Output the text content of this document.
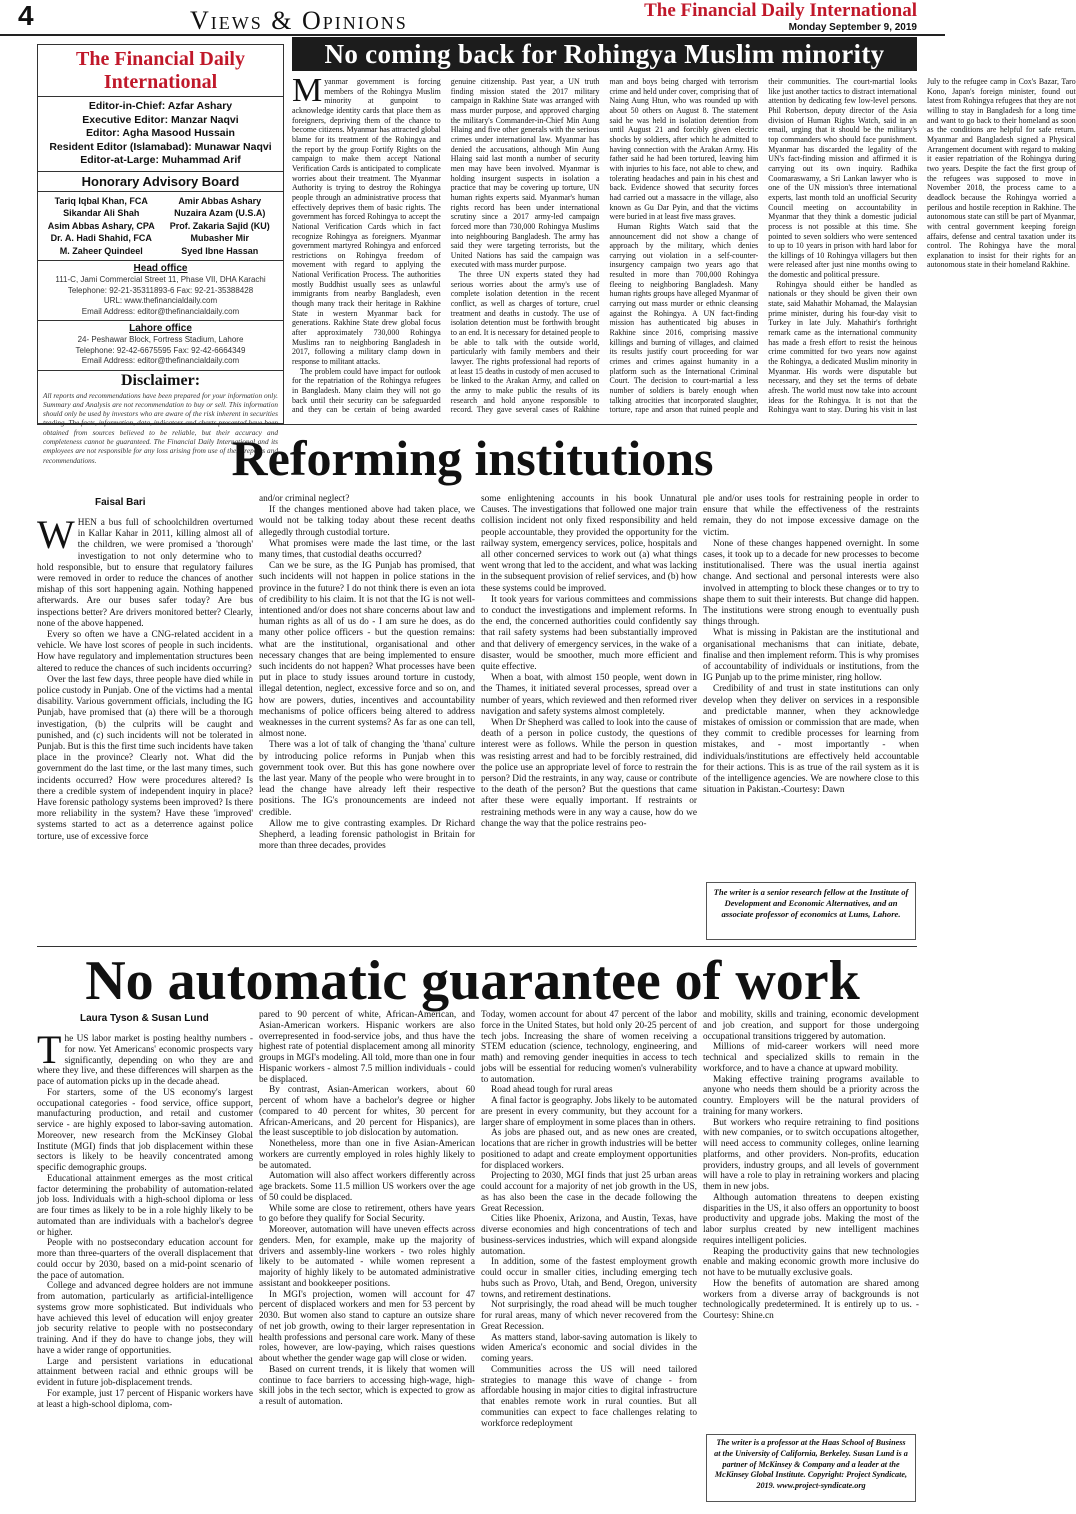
4	Views & Opinions	The Financial Daily International
Monday September 9, 2019
The Financial Daily International
Editor-in-Chief: Azfar Ashary
Executive Editor: Manzar Naqvi
Editor: Agha Masood Hussain
Resident Editor (Islamabad): Munawar Naqvi
Editor-at-Large: Muhammad Arif
Honorary Advisory Board
Tariq Iqbal Khan, FCA
Sikandar Ali Shah
Asim Abbas Ashary, CPA
Dr. A. Hadi Shahid, FCA
M. Zaheer Quindeel
Amir Abbas Ashary
Nuzaira Azam (U.S.A)
Prof. Zakaria Sajid (KU)
Mubasher Mir
Syed Ibne Hassan
Head office
111-C, Jami Commercial Street 11, Phase VII, DHA Karachi
Telephone: 92-21-35311893-6 Fax: 92-21-35388428
URL: www.thefinancialdaily.com
Email Address: editor@thefinancialdaily.com
Lahore office
24- Peshawar Block, Fortress Stadium, Lahore
Telephone: 92-42-6675595 Fax: 92-42-6664349
Email Address: editor@thefinancialdaily.com
Disclaimer:
All reports and recommendations have been prepared for your information only. Summary and Analysis are not recommendation to buy or sell. This information should only be used by investors who are aware of the risk inherent in securities trading. The facts, information, data, indicators and charts presented have been obtained from sources believed to be reliable, but their accuracy and completeness cannot be guaranteed. The Financial Daily International and its employees are not responsible for any loss arising from use of these reports and recommendations.
No coming back for Rohingya Muslim minority

Myanmar government is forcing members of the Rohingya Muslim minority at gunpoint to acknowledge identity cards that place them as foreigners, depriving them of the chance to become citizens. Myanmar has attracted global blame for its treatment of the Rohingya and the report by the group Fortify Rights on the campaign to make them accept National Verification Cards is anticipated to complicate worries about their treatment. The Myanmar Authority is trying to destroy the Rohingya people through an administrative process that effectively deprives them of basic rights. The government has forced Rohingya to accept the National Verification Cards which in fact recognize Rohingya as foreigners. Myanmar government martyred Rohingya and enforced restrictions on Rohingya freedom of movement with regard to applying the National Verification Process. The authorities mostly Buddhist usually sees as unlawful immigrants from nearby Bangladesh, even though many track their heritage in Rakhine State in western Myanmar back for generations. Rakhine State drew global focus after approximately 730,000 Rohingya Muslims ran to neighboring Bangladesh in 2017, following a military clamp down in response to militant attacks.

The problem could have impact for outlook for the repatriation of the Rohingya refugees in Bangladesh. Many claim they will not go back until their security can be safeguarded and they can be certain of being awarded genuine citizenship. Past year, a UN truth finding mission stated the 2017 military campaign in Rakhine State was arranged with mass murder purpose, and approved charging the military's Commander-in-Chief Min Aung Hlaing and five other generals with the serious crimes under international law. Myanmar has denied the accusations, although Min Aung Hlaing said last month a number of security men may have been involved. Myanmar is holding insurgent suspects in isolation a practice that may be covering up torture, UN human rights experts said. Myanmar's human rights record has been under international scrutiny since a 2017 army-led campaign forced more than 730,000 Rohingya Muslims into neighbouring Bangladesh. The army has said they were targeting terrorists, but the United Nations has said the campaign was executed with mass murder purpose.

The three UN experts stated they had serious worries about the army's use of complete isolation detention in the recent conflict, as well as charges of torture, cruel treatment and deaths in custody. The use of isolation detention must be forthwith brought to an end. It is necessary for detained people to be able to talk with the outside world, particularly with family members and their lawyer. The rights professional had reports of at least 15 deaths in custody of men accused to be linked to the Arakan Army, and called on the army to make public the results of its research and hold anyone responsible to record. They gave several cases of Rakhine man and boys being charged with terrorism crime and held under cover, comprising that of Naing Aung Htun, who was rounded up with about 50 others on August 8. The statement said he was held in isolation detention from until August 21 and forcibly given electric shocks by soldiers, after which he admitted to having connection with the Arakan Army. His father said he had been tortured, leaving him with injuries to his face, not able to chew, and tolerating headaches and pain in his chest and back. Evidence showed that security forces had carried out a massacre in the village, also known as Gu Dar Pyin, and that the victims were buried in at least five mass graves.

Human Rights Watch said that the announcement did not show a change of approach by the military, which denies carrying out violation in a self-counter-insurgency campaign two years ago that resulted in more than 700,000 Rohingya fleeing to neighboring Bangladesh. Many human rights groups have alleged Myanmar of carrying out mass murder or ethnic cleansing against the Rohingya. A UN fact-finding mission has authenticated big abuses in Rakhine since 2016, comprising massive killings and burning of villages, and claimed its results justify court proceeding for war crimes and crimes against humanity in a platform such as the International Criminal Court. The decision to court-martial a less number of soldiers is barely enough when talking atrocities that incorporated slaughter, torture, rape and arson that ruined people and their communities. The court-martial looks like just another tactics to distract international attention by dedicating few low-level persons. Phil Robertson, deputy director of the Asia division of Human Rights Watch, said in an email, urging that it should be the military's top commanders who should face punishment. Myanmar has discarded the legality of the UN's fact-finding mission and affirmed it is carrying out its own inquiry. Radhika Coomaraswamy, a Sri Lankan lawyer who is one of the UN mission's three international experts, last month told an unofficial Security Council meeting on accountability in Myanmar that they think a domestic judicial process is not possible at this time. She pointed to seven soldiers who were sentenced to up to 10 years in prison with hard labor for the killings of 10 Rohingya villagers but then were released after just nine months owing to the domestic and political pressure.

Rohingya should either be handled as nationals or they should be given their own state, said Mahathir Mohamad, the Malaysian prime minister, during his four-day visit to Turkey in late July. Mahathir's forthright remark came as the international community has made a fresh effort to resist the heinous crime committed for two years now against the Rohingya, a dedicated Muslim minority in Myanmar. His words were disputable but necessary, and they set the terms of debate afresh. The world must now take into account ideas for the Rohingya. It is not that the Rohingya want to stay. During his visit in last July to the refugee camp in Cox's Bazar, Taro Kono, Japan's foreign minister, found out latest from Rohingya refugees that they are not willing to stay in Bangladesh for a long time and want to go back to their homeland as soon as the conditions are helpful for safe return. Myanmar and Bangladesh signed a Physical Arrangement document with regard to making it easier repatriation of the Rohingya during two years. Despite the fact the first group of the refugees was supposed to move in November 2018, the process came to a deadlock because the Rohingya worried a perilous and hostile reception in Rakhine. The autonomous state can still be part of Myanmar, with central government keeping foreign affairs, defense and central taxation under its control. The Rohingya have the moral explanation to insist for their rights for an autonomous state in their homeland Rakhine.

Reforming institutions

WHEN a bus full of schoolchildren overturned in Kallar Kahar in 2011, killing almost all of the children, we were promised a 'thorough' investigation to not only determine who to hold responsible, but to ensure that regulatory failures were removed in order to reduce the chances of another mishap of this sort happening again. Nothing happened afterwards. Are our buses safer today? Are bus inspections better? Are drivers monitored better? Clearly, none of the above happened.

Every so often we have a CNG-related accident in a vehicle. We have lost scores of people in such incidents. How have regulatory and implementation structures been altered to reduce the chances of such incidents occurring?

Over the last few days, three people have died while in police custody in Punjab. One of the victims had a mental disability. Various government officials, including the IG Punjab, have promised that (a) there will be a thorough investigation, (b) the culprits will be caught and punished, and (c) such incidents will not be tolerated in Punjab. But is this the first time such incidents have taken place in the province? Clearly not. What did the government do the last time, or the last many times, such incidents occurred? How were procedures altered? Is there a credible system of independent inquiry in place? Have forensic pathology systems been improved? Is there more reliability in the system? Have these 'improved' systems started to act as a deterrence against police torture, use of excessive force

and/or criminal neglect?

If the changes mentioned above had taken place, we would not be talking today about these recent deaths allegedly through custodial torture.

What promises were made the last time, or the last many times, that custodial deaths occurred?

Can we be sure, as the IG Punjab has promised, that such incidents will not happen in police stations in the province in the future? I do not think there is even an iota of credibility to his claim. It is not that the IG is not well-intentioned and/or does not share concerns about law and human rights as all of us do - I am sure he does, as do many other police officers - but the question remains: what are the institutional, organisational and other necessary changes that are being implemented to ensure such incidents do not happen? What processes have been put in place to study issues around torture in custody, illegal detention, neglect, excessive force and so on, and how are powers, duties, incentives and accountability mechanisms of police officers being altered to address weaknesses in the current systems? As far as one can tell, almost none.

There was a lot of talk of changing the 'thana' culture by introducing police reforms in Punjab when this government took over. But this has gone nowhere over the last year. Many of the people who were brought in to lead the change have already left their respective positions. The IG's pronouncements are indeed not credible.

Allow me to give contrasting examples. Dr Richard Shepherd, a leading forensic pathologist in Britain for more than three decades, provides

some enlightening accounts in his book Unnatural Causes. The investigations that followed one major train collision incident not only fixed responsibility and held people accountable, they provided the opportunity for the railway system, emergency services, police, hospitals and all other concerned services to work out (a) what things went wrong that led to the accident, and what was lacking in the subsequent provision of relief services, and (b) how these systems could be improved.

It took years for various committees and commissions to conduct the investigations and implement reforms. In the end, the concerned authorities could confidently say that rail safety systems had been substantially improved and that delivery of emergency services, in the wake of a disaster, would be smoother, much more efficient and quite effective.

When a boat, with almost 150 people, went down in the Thames, it initiated several processes, spread over a number of years, which reviewed and then reformed river navigation and safety systems almost completely.

When Dr Shepherd was called to look into the cause of death of a person in police custody, the questions of interest were as follows. While the person in question was resisting arrest and had to be forcibly restrained, did the police use an appropriate level of force to restrain the person? Did the restraints, in any way, cause or contribute to the death of the person? But the questions that came after these were equally important. If restraints or restraining methods were in any way a cause, how do we change the way that the police restrains peo-

ple and/or uses tools for restraining people in order to ensure that while the effectiveness of the restraints remain, they do not impose excessive damage on the victim.

None of these changes happened overnight. In some cases, it took up to a decade for new processes to become institutionalised. There was the usual inertia against change. And sectional and personal interests were also involved in attempting to block these changes or to try to shape them to suit their interests. But change did happen. The institutions were strong enough to eventually push things through.

What is missing in Pakistan are the institutional and organisational mechanisms that can initiate, debate, finalise and then implement reform. This is why promises of accountability of individuals or institutions, from the IG Punjab up to the prime minister, ring hollow.

Credibility of and trust in state institutions can only develop when they deliver on services in a responsible and predictable manner, when they acknowledge mistakes of omission or commission that are made, when they commit to credible processes for learning from mistakes, and - most importantly - when individuals/institutions are effectively held accountable for their actions. This is as true of the rail system as it is of the intelligence agencies. We are nowhere close to this situation in Pakistan.-Courtesy: Dawn

Faisal Bari
The writer is a senior research fellow at the Institute of Development and Economic Alternatives, and an associate professor of economics at Lums, Lahore.
No automatic guarantee of work

The US labor market is posting healthy numbers - for now. Yet Americans' economic prospects vary significantly, depending on who they are and where they live, and these differences will sharpen as the pace of automation picks up in the decade ahead.

For starters, some of the US economy's largest occupational categories - food service, office support, manufacturing production, and retail and customer service - are highly exposed to labor-saving automation. Moreover, new research from the McKinsey Global Institute (MGI) finds that job displacement within these sectors is likely to be heavily concentrated among specific demographic groups.

Educational attainment emerges as the most critical factor determining the probability of automation-related job loss. Individuals with a high-school diploma or less are four times as likely to be in a role highly likely to be automated than are individuals with a bachelor's degree or higher.

People with no postsecondary education account for more than three-quarters of the overall displacement that could occur by 2030, based on a mid-point scenario of the pace of automation.

College and advanced degree holders are not immune from automation, particularly as artificial-intelligence systems grow more sophisticated. But individuals who have achieved this level of education will enjoy greater job security relative to people with no postsecondary training. And if they do have to change jobs, they will have a wider range of opportunities.

Large and persistent variations in educational attainment between racial and ethnic groups will be evident in future job-displacement trends.

For example, just 17 percent of Hispanic workers have at least a high-school diploma, com-

pared to 90 percent of white, African-American, and Asian-American workers. Hispanic workers are also overrepresented in food-service jobs, and thus have the highest rate of potential displacement among all minority groups in MGI's modeling. All told, more than one in four Hispanic workers - almost 7.5 million individuals - could be displaced.

By contrast, Asian-American workers, about 60 percent of whom have a bachelor's degree or higher (compared to 40 percent for whites, 30 percent for African-Americans, and 20 percent for Hispanics), are the least susceptible to job dislocation by automation.

Nonetheless, more than one in five Asian-American workers are currently employed in roles highly likely to be automated.

Automation will also affect workers differently across age brackets. Some 11.5 million US workers over the age of 50 could be displaced.

While some are close to retirement, others have years to go before they qualify for Social Security.

Moreover, automation will have uneven effects across genders. Men, for example, make up the majority of drivers and assembly-line workers - two roles highly likely to be automated - while women represent a majority of highly likely to be automated administrative assistant and bookkeeper positions.

In MGI's projection, women will account for 47 percent of displaced workers and men for 53 percent by 2030. But women also stand to capture an outsize share of net job growth, owing to their larger representation in health professions and personal care work. Many of these roles, however, are low-paying, which raises questions about whether the gender wage gap will close or widen.

Based on current trends, it is likely that women will continue to face barriers to accessing high-wage, high-skill jobs in the tech sector, which is expected to grow as a result of automation.

Today, women account for about 47 percent of the labor force in the United States, but hold only 20-25 percent of tech jobs. Increasing the share of women receiving a STEM education (science, technology, engineering, and math) and removing gender inequities in access to tech jobs will be essential for reducing women's vulnerability to automation.

Road ahead tough for rural areas

A final factor is geography. Jobs likely to be automated are present in every community, but they account for a larger share of employment in some places than in others.

As jobs are phased out, and as new ones are created, locations that are richer in growth industries will be better positioned to adapt and create employment opportunities for displaced workers.

Projecting to 2030, MGI finds that just 25 urban areas could account for a majority of net job growth in the US, as has also been the case in the decade following the Great Recession.

Cities like Phoenix, Arizona, and Austin, Texas, have diverse economies and high concentrations of tech and business-services industries, which will expand alongside automation.

In addition, some of the fastest employment growth could occur in smaller cities, including emerging tech hubs such as Provo, Utah, and Bend, Oregon, university towns, and retirement destinations.

Not surprisingly, the road ahead will be much tougher for rural areas, many of which never recovered from the Great Recession.

As matters stand, labor-saving automation is likely to widen America's economic and social divides in the coming years.

Communities across the US will need tailored strategies to manage this wave of change - from affordable housing in major cities to digital infrastructure that enables remote work in rural counties. But all communities can expect to face challenges relating to workforce redeployment

and mobility, skills and training, economic development and job creation, and support for those undergoing occupational transitions triggered by automation.

Millions of mid-career workers will need more technical and specialized skills to remain in the workforce, and to have a chance at upward mobility.

Making effective training programs available to anyone who needs them should be a priority across the country. Employers will be the natural providers of training for many workers.

But workers who require retraining to find positions with new companies, or to switch occupations altogether, will need access to community colleges, online learning platforms, and other providers. Non-profits, education providers, industry groups, and all levels of government will have a role to play in retraining workers and placing them in new jobs.

Although automation threatens to deepen existing disparities in the US, it also offers an opportunity to boost productivity and upgrade jobs. Making the most of the labor surplus created by new intelligent machines requires intelligent policies.

Reaping the productivity gains that new technologies enable and making economic growth more inclusive do not have to be mutually exclusive goals.

How the benefits of automation are shared among workers from a diverse array of backgrounds is not technologically predetermined. It is entirely up to us. -Courtesy: Shine.cn

Laura Tyson & Susan Lund
The writer is a professor at the Haas School of Business at the University of California, Berkeley. Susan Lund is a partner of McKinsey & Company and a leader at the McKinsey Global Institute. Copyright: Project Syndicate, 2019. www.project-syndicate.org
